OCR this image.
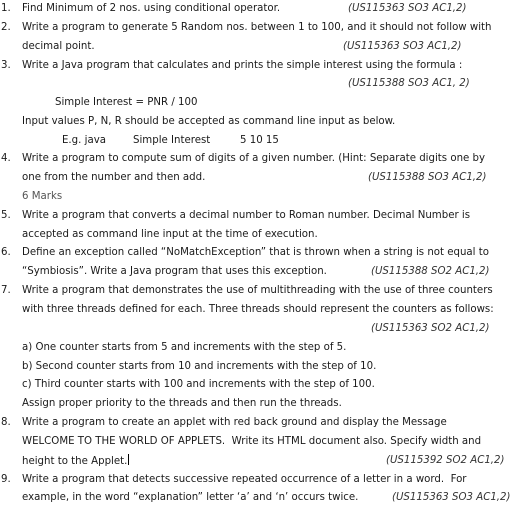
1. Find Minimum of 2 nos. using conditional operator.	(US115363 SO3 AC1,2)
2. Write a program to generate 5 Random nos. between 1 to 100, and it should not follow with
decimal point.	(US115363 SO3 AC1,2)
3. Write a Java program that calculates and prints the simple interest using the formula :
(US115388 SO3 AC1, 2)
Simple Interest = PNR / 100
Input values P, N, R should be accepted as command line input as below.
E.g. java	Simple Interest	5 10 15
4. Write a program to compute sum of digits of a given number. (Hint: Separate digits one by
one from the number and then add.	(US115388 SO3 AC1,2)
6 Marks
5. Write a program that converts a decimal number to Roman number. Decimal Number is
accepted as command line input at the time of execution.
6. Define an exception called “NoMatchException” that is thrown when a string is not equal to
“Symbiosis”. Write a Java program that uses this exception.	(US115388 SO2 AC1,2)
7. Write a program that demonstrates the use of multithreading with the use of three counters
with three threads defined for each. Three threads should represent the counters as follows:
(US115363 SO2 AC1,2)
a) One counter starts from 5 and increments with the step of 5.
b) Second counter starts from 10 and increments with the step of 10.
c) Third counter starts with 100 and increments with the step of 100.
Assign proper priority to the threads and then run the threads.
8. Write a program to create an applet with red back ground and display the Message
WELCOME TO THE WORLD OF APPLETS.  Write its HTML document also. Specify width and
height to the Applet.	(US115392 SO2 AC1,2)
9. Write a program that detects successive repeated occurrence of a letter in a word.  For
example, in the word “explanation” letter ‘a’ and ‘n’ occurs twice.	(US115363 SO3 AC1,2)
